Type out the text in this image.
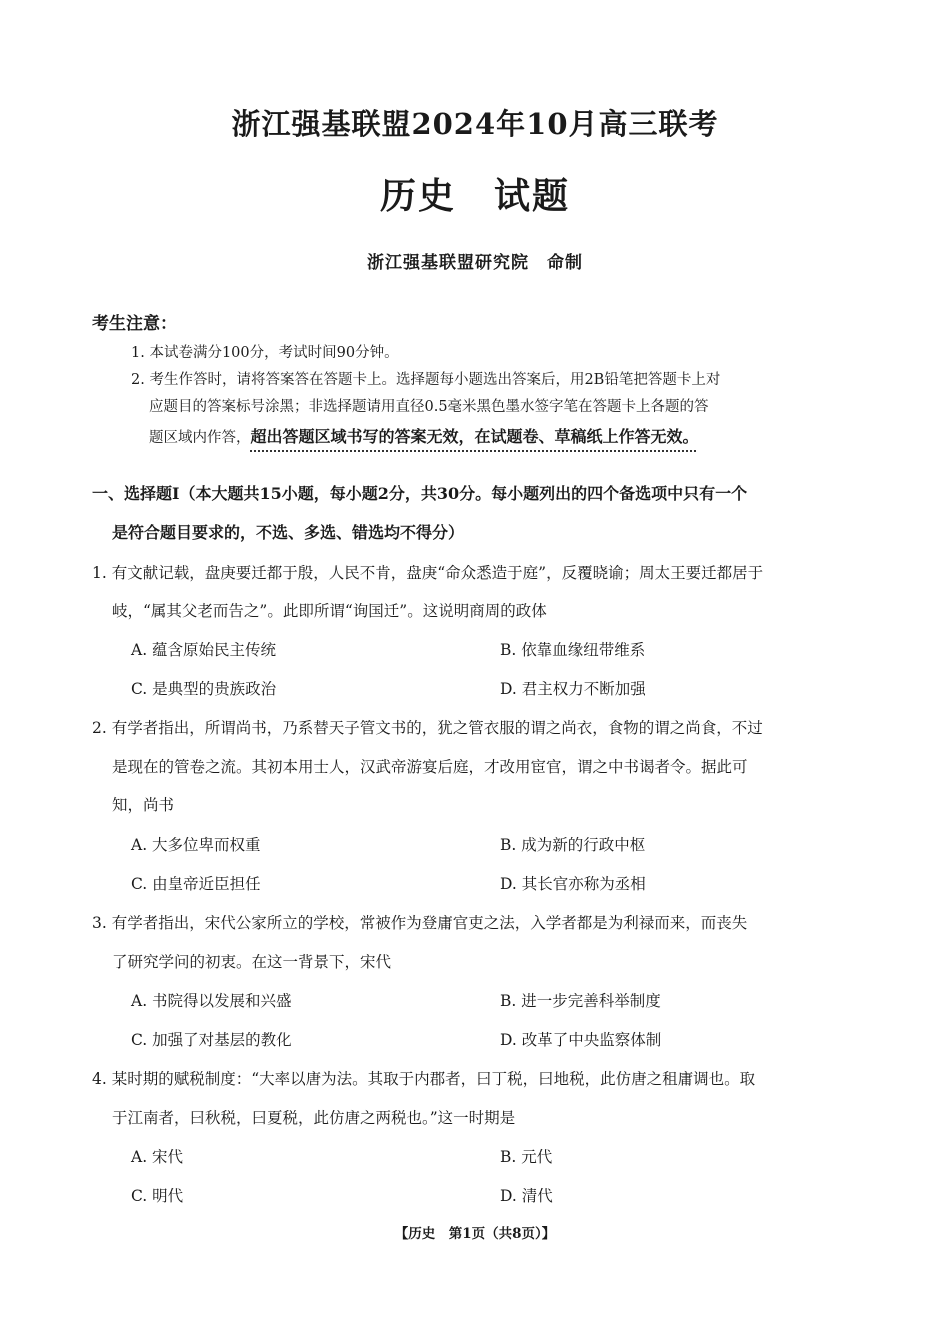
浙江强基联盟2024年10月高三联考
历史　试题
浙江强基联盟研究院　命制
考生注意：
1. 本试卷满分100分，考试时间90分钟。
2. 考生作答时，请将答案答在答题卡上。选择题每小题选出答案后，用2B铅笔把答题卡上对
应题目的答案标号涂黑；非选择题请用直径0.5毫米黑色墨水签字笔在答题卡上各题的答
题区域内作答，超出答题区域书写的答案无效，在试题卷、草稿纸上作答无效。
一、选择题Ⅰ（本大题共15小题，每小题2分，共30分。每小题列出的四个备选项中只有一个
是符合题目要求的，不选、多选、错选均不得分）
1. 有文献记载，盘庚要迁都于殷，人民不肯，盘庚“命众悉造于庭”，反覆晓谕；周太王要迁都居于
岐，“属其父老而告之”。此即所谓“询国迁”。这说明商周的政体
A. 蕴含原始民主传统	B. 依靠血缘纽带维系
C. 是典型的贵族政治	D. 君主权力不断加强
2. 有学者指出，所谓尚书，乃系替天子管文书的，犹之管衣服的谓之尚衣，食物的谓之尚食，不过
是现在的管卷之流。其初本用士人，汉武帝游宴后庭，才改用宦官，谓之中书谒者令。据此可
知，尚书
A. 大多位卑而权重	B. 成为新的行政中枢
C. 由皇帝近臣担任	D. 其长官亦称为丞相
3. 有学者指出，宋代公家所立的学校，常被作为登庸官吏之法，入学者都是为利禄而来，而丧失
了研究学问的初衷。在这一背景下，宋代
A. 书院得以发展和兴盛	B. 进一步完善科举制度
C. 加强了对基层的教化	D. 改革了中央监察体制
4. 某时期的赋税制度：“大率以唐为法。其取于内郡者，曰丁税，曰地税，此仿唐之租庸调也。取
于江南者，曰秋税，曰夏税，此仿唐之两税也。”这一时期是
A. 宋代	B. 元代
C. 明代	D. 清代
【历史　第1页（共8页）】
